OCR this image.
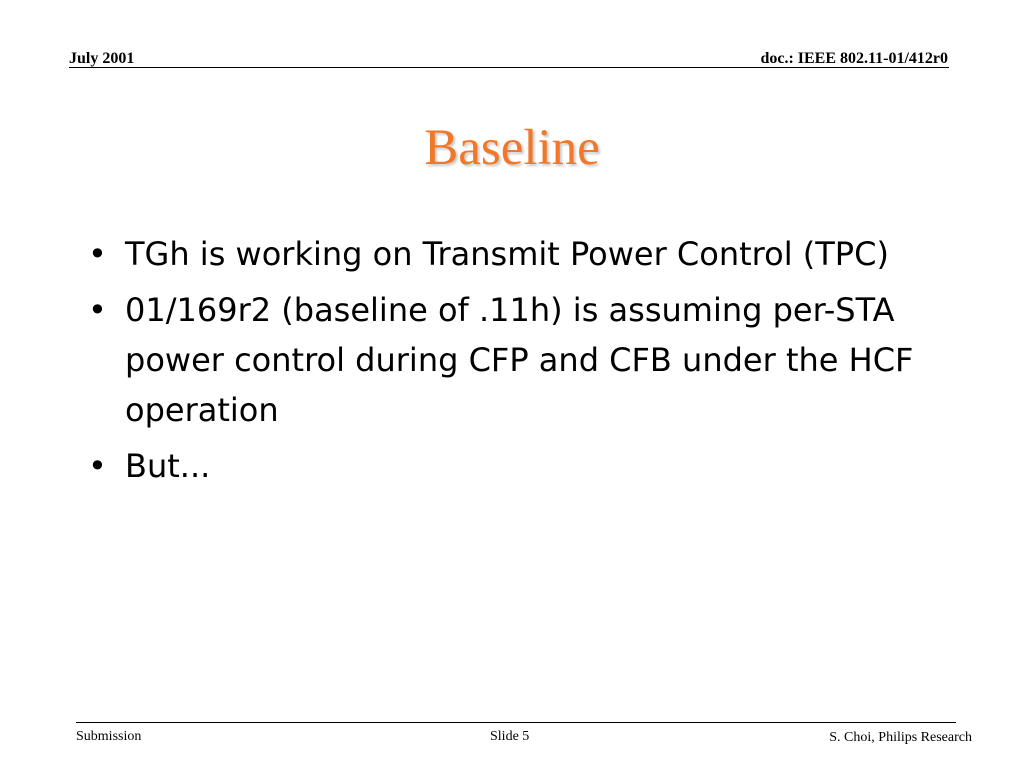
July 2001	doc.: IEEE 802.11-01/412r0
Baseline
• TGh is working on Transmit Power Control (TPC)
• 01/169r2 (baseline of .11h) is assuming per-STA power control during CFP and CFB under the HCF operation
• But...
Submission	Slide 5	S. Choi, Philips Research
